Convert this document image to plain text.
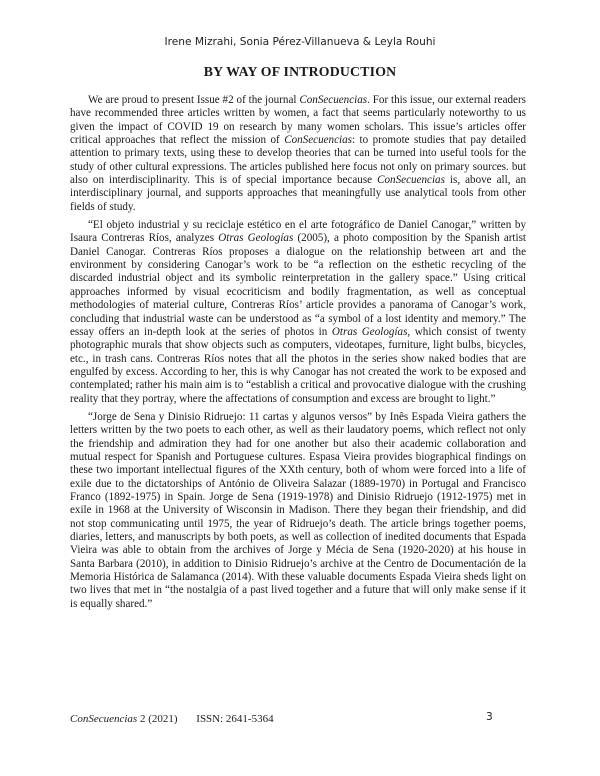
Irene Mizrahi, Sonia Pérez-Villanueva & Leyla Rouhi
BY WAY OF INTRODUCTION

We are proud to present Issue #2 of the journal ConSecuencias. For this issue, our external readers have recommended three articles written by women, a fact that seems particularly noteworthy to us given the impact of COVID 19 on research by many women scholars. This issue’s articles offer critical approaches that reflect the mission of ConSecuencias: to promote studies that pay detailed attention to primary texts, using these to develop theories that can be turned into useful tools for the study of other cultural expressions. The articles published here focus not only on primary sources. but also on interdisciplinarity. This is of special importance because ConSecuencias is, above all, an interdisciplinary journal, and supports approaches that meaningfully use analytical tools from other fields of study.

“El objeto industrial y su reciclaje estético en el arte fotográfico de Daniel Canogar,” written by Isaura Contreras Ríos, analyzes Otras Geologías (2005), a photo composition by the Spanish artist Daniel Canogar. Contreras Ríos proposes a dialogue on the relationship between art and the environment by considering Canogar’s work to be “a reflection on the esthetic recycling of the discarded industrial object and its symbolic reinterpretation in the gallery space.” Using critical approaches informed by visual ecocriticism and bodily fragmentation, as well as conceptual methodologies of material culture, Contreras Ríos’ article provides a panorama of Canogar’s work, concluding that industrial waste can be understood as “a symbol of a lost identity and memory.” The essay offers an in-depth look at the series of photos in Otras Geologías, which consist of twenty photographic murals that show objects such as computers, videotapes, furniture, light bulbs, bicycles, etc., in trash cans. Contreras Ríos notes that all the photos in the series show naked bodies that are engulfed by excess. According to her, this is why Canogar has not created the work to be exposed and contemplated; rather his main aim is to “establish a critical and provocative dialogue with the crushing reality that they portray, where the affectations of consumption and excess are brought to light.”

“Jorge de Sena y Dinisio Ridruejo: 11 cartas y algunos versos” by Inês Espada Vieira gathers the letters written by the two poets to each other, as well as their laudatory poems, which reflect not only the friendship and admiration they had for one another but also their academic collaboration and mutual respect for Spanish and Portuguese cultures. Espasa Vieira provides biographical findings on these two important intellectual figures of the XXth century, both of whom were forced into a life of exile due to the dictatorships of António de Oliveira Salazar (1889-1970) in Portugal and Francisco Franco (1892-1975) in Spain. Jorge de Sena (1919-1978) and Dinisio Ridruejo (1912-1975) met in exile in 1968 at the University of Wisconsin in Madison. There they began their friendship, and did not stop communicating until 1975, the year of Ridruejo’s death. The article brings together poems, diaries, letters, and manuscripts by both poets, as well as collection of inedited documents that Espada Vieira was able to obtain from the archives of Jorge y Mécia de Sena (1920-2020) at his house in Santa Barbara (2010), in addition to Dinisio Ridruejo’s archive at the Centro de Documentación de la Memoria Histórica de Salamanca (2014). With these valuable documents Espada Vieira sheds light on two lives that met in “the nostalgia of a past lived together and a future that will only make sense if it is equally shared.”

ConSecuencias 2 (2021) ISSN: 2641-5364	3
